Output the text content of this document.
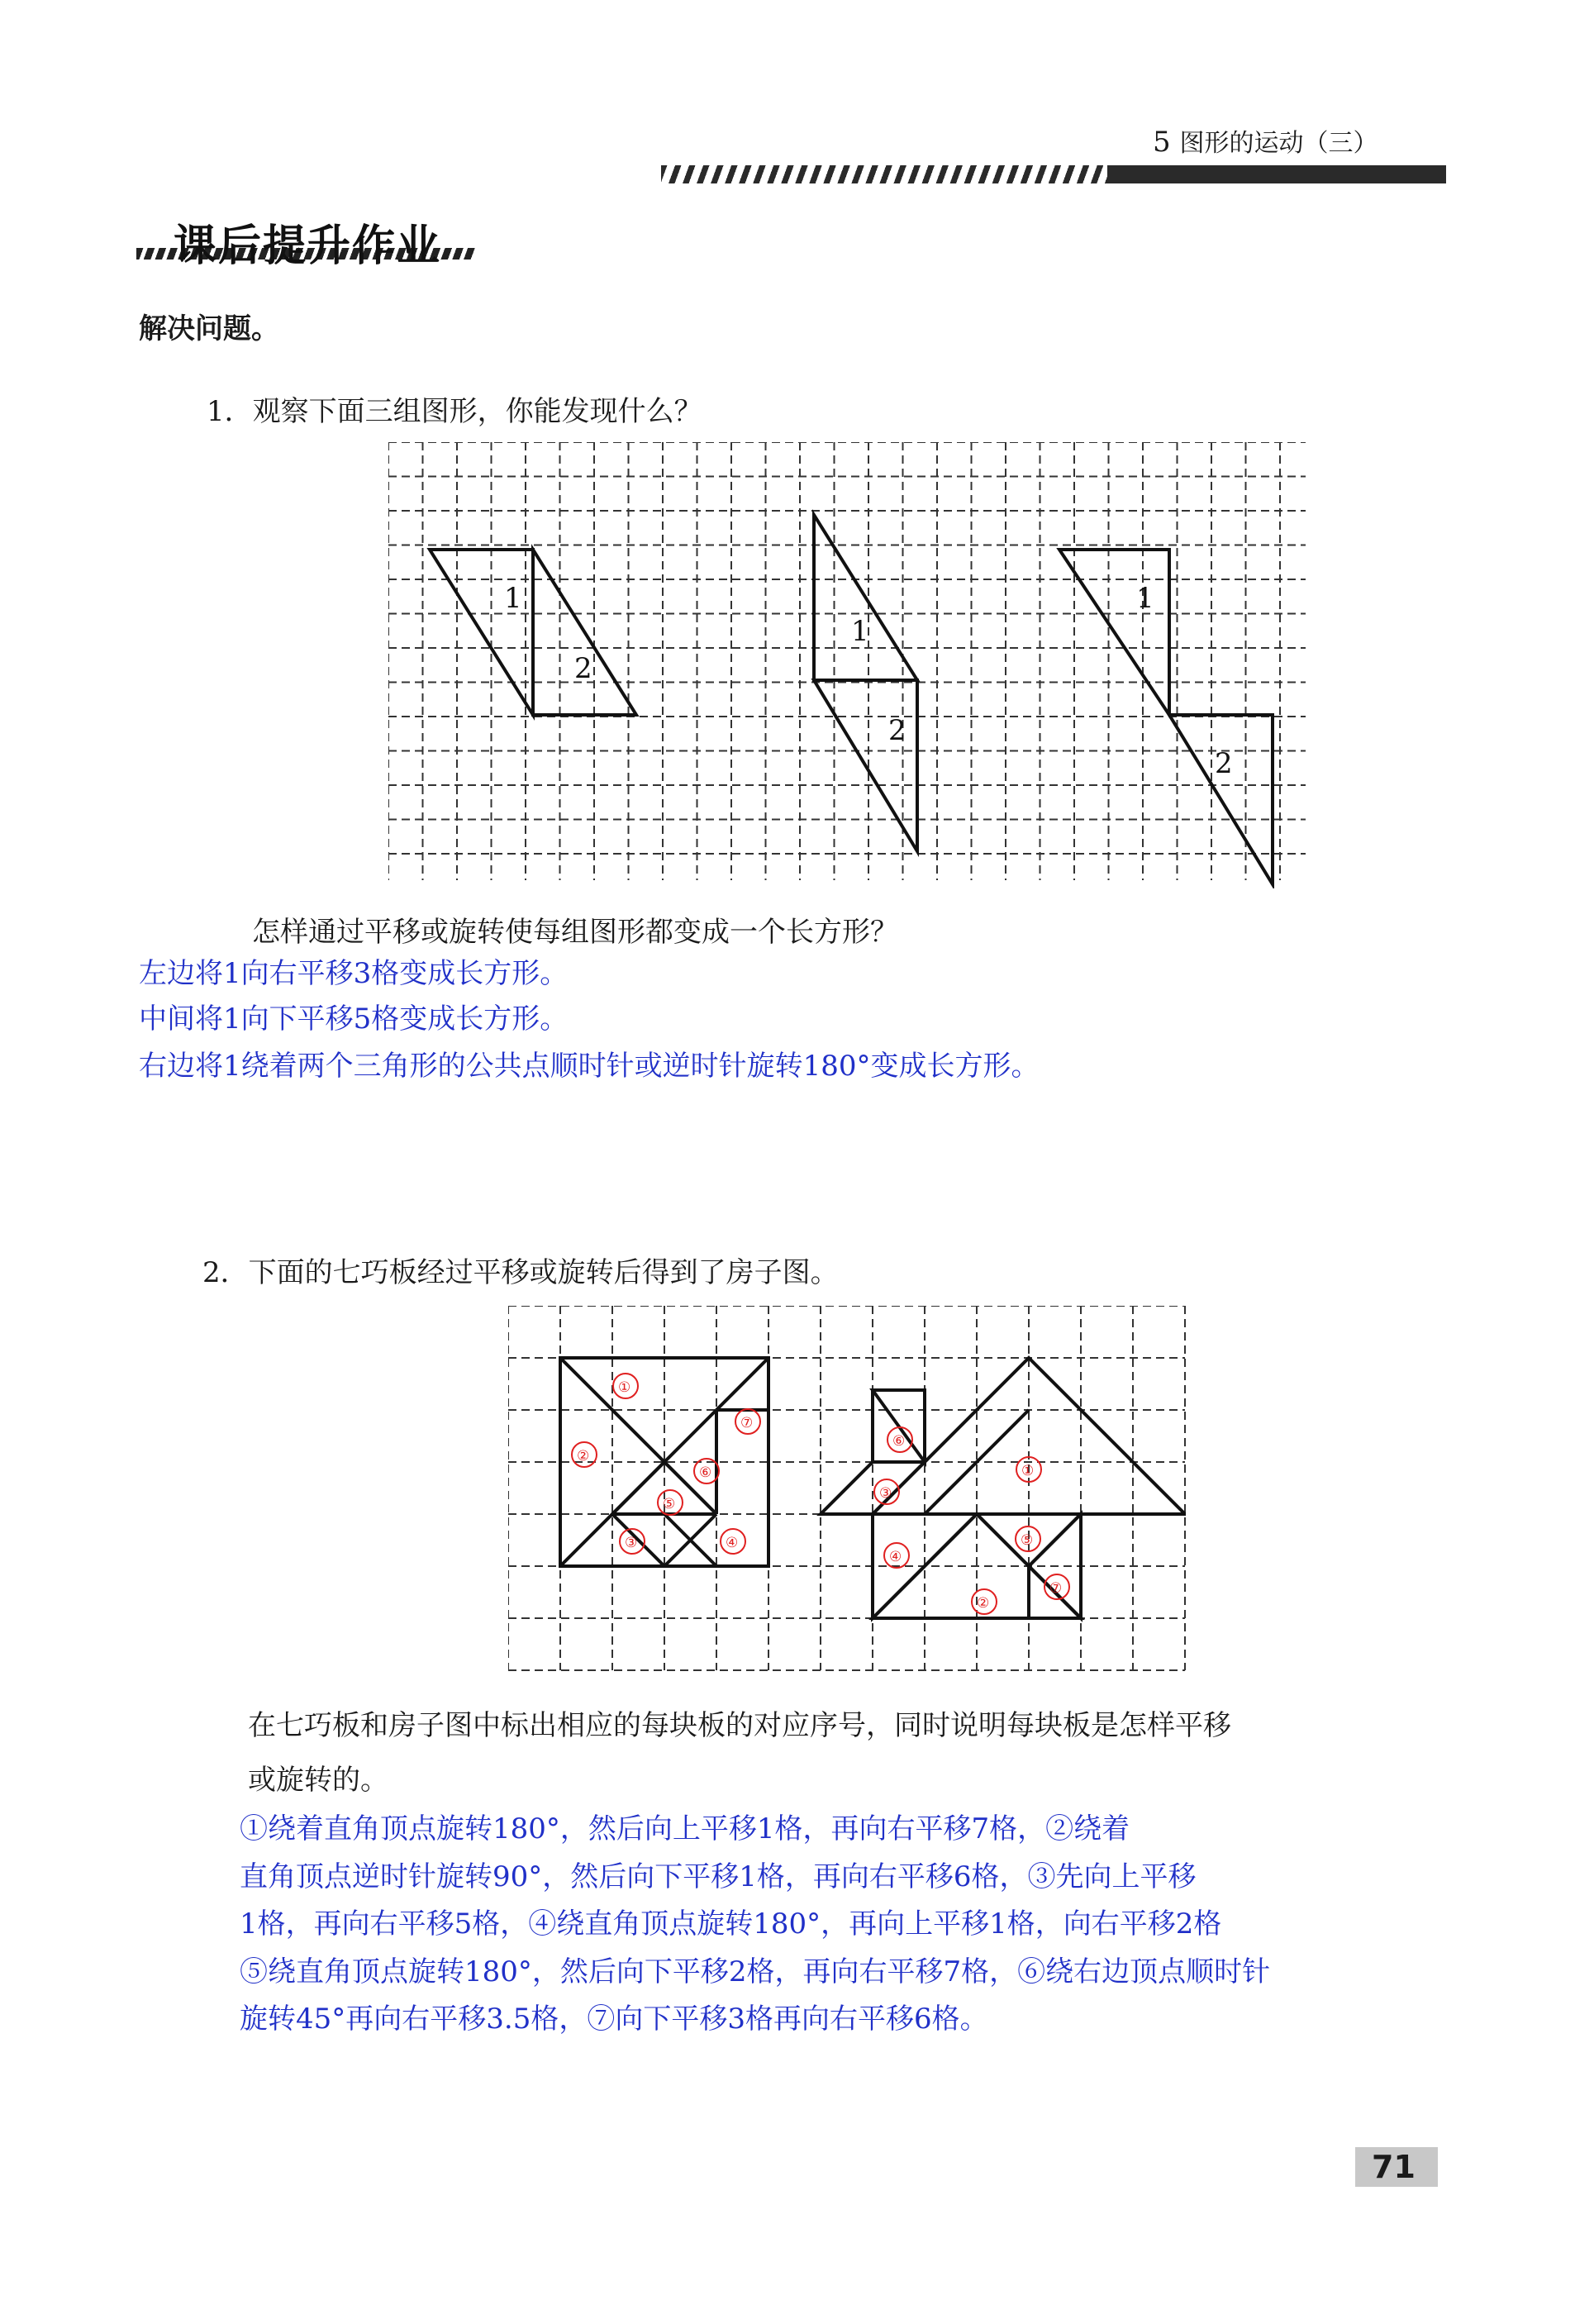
5 图形的运动（三）
课后提升作业
解决问题。
1．观察下面三组图形，你能发现什么？
1
2
1
2
1
2
怎样通过平移或旋转使每组图形都变成一个长方形？
左边将1向右平移3格变成长方形。
中间将1向下平移5格变成长方形。
右边将1绕着两个三角形的公共点顺时针或逆时针旋转180°变成长方形。
2．下面的七巧板经过平移或旋转后得到了房子图。
①
②
③	④
⑤
⑥
⑦
⑥
③
①
④
⑤
②
⑦
在七巧板和房子图中标出相应的每块板的对应序号，同时说明每块板是怎样平移
或旋转的。
①绕着直角顶点旋转180°，然后向上平移1格，再向右平移7格，②绕着
直角顶点逆时针旋转90°，然后向下平移1格，再向右平移6格，③先向上平移
1格，再向右平移5格，④绕直角顶点旋转180°，再向上平移1格，向右平移2格
⑤绕直角顶点旋转180°，然后向下平移2格，再向右平移7格，⑥绕右边顶点顺时针
旋转45°再向右平移3.5格，⑦向下平移3格再向右平移6格。
71
